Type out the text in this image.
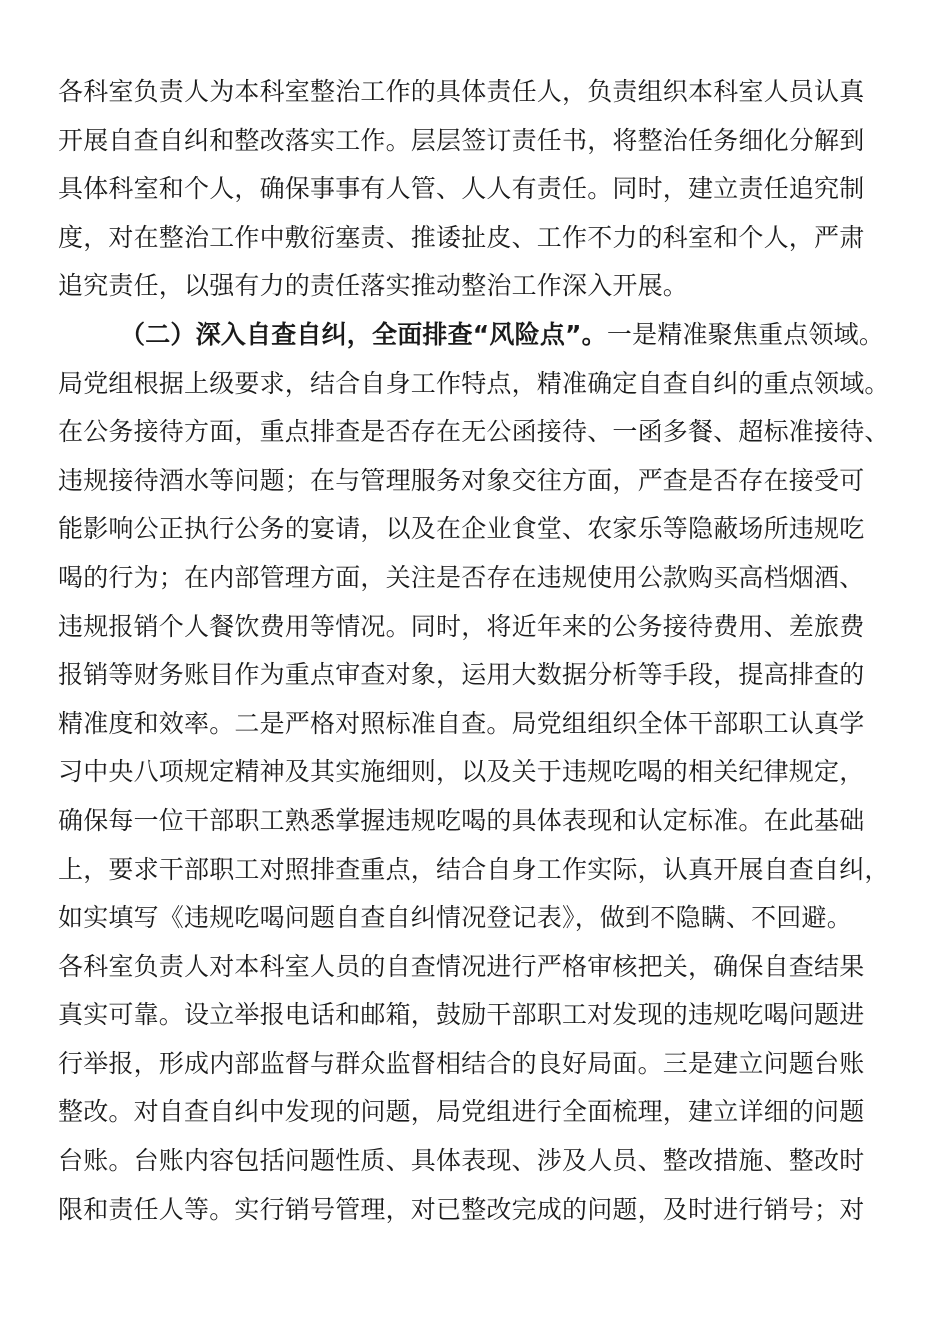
各科室负责人为本科室整治工作的具体责任人，负责组织本科室人员认真
开展自查自纠和整改落实工作。层层签订责任书，将整治任务细化分解到
具体科室和个人，确保事事有人管、人人有责任。同时，建立责任追究制
度，对在整治工作中敷衍塞责、推诿扯皮、工作不力的科室和个人，严肃
追究责任，以强有力的责任落实推动整治工作深入开展。
（二）深入自查自纠，全面排查“风险点”。一是精准聚焦重点领域。
局党组根据上级要求，结合自身工作特点，精准确定自查自纠的重点领域。
在公务接待方面，重点排查是否存在无公函接待、一函多餐、超标准接待、
违规接待酒水等问题；在与管理服务对象交往方面，严查是否存在接受可
能影响公正执行公务的宴请，以及在企业食堂、农家乐等隐蔽场所违规吃
喝的行为；在内部管理方面，关注是否存在违规使用公款购买高档烟酒、
违规报销个人餐饮费用等情况。同时，将近年来的公务接待费用、差旅费
报销等财务账目作为重点审查对象，运用大数据分析等手段，提高排查的
精准度和效率。二是严格对照标准自查。局党组组织全体干部职工认真学
习中央八项规定精神及其实施细则，以及关于违规吃喝的相关纪律规定，
确保每一位干部职工熟悉掌握违规吃喝的具体表现和认定标准。在此基础
上，要求干部职工对照排查重点，结合自身工作实际，认真开展自查自纠，
如实填写《违规吃喝问题自查自纠情况登记表》，做到不隐瞒、不回避。
各科室负责人对本科室人员的自查情况进行严格审核把关，确保自查结果
真实可靠。设立举报电话和邮箱，鼓励干部职工对发现的违规吃喝问题进
行举报，形成内部监督与群众监督相结合的良好局面。三是建立问题台账
整改。对自查自纠中发现的问题，局党组进行全面梳理，建立详细的问题
台账。台账内容包括问题性质、具体表现、涉及人员、整改措施、整改时
限和责任人等。实行销号管理，对已整改完成的问题，及时进行销号；对
